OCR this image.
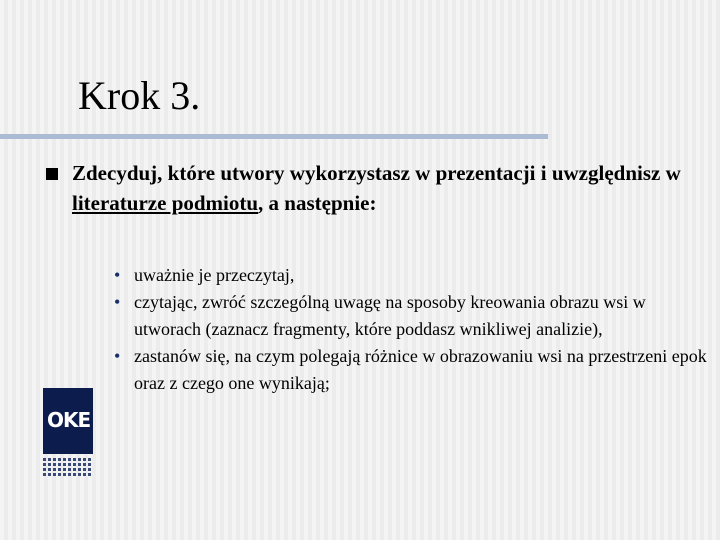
Krok 3.
Zdecyduj, które utwory wykorzystasz w prezentacji i uwzględnisz w literaturze podmiotu, a następnie:
• uważnie je przeczytaj,
• czytając, zwróć szczególną uwagę na sposoby kreowania obrazu wsi w utworach (zaznacz fragmenty, które poddasz wnikliwej analizie),
• zastanów się, na czym polegają różnice w obrazowaniu wsi na przestrzeni epok oraz z czego one wynikają;
OKE
